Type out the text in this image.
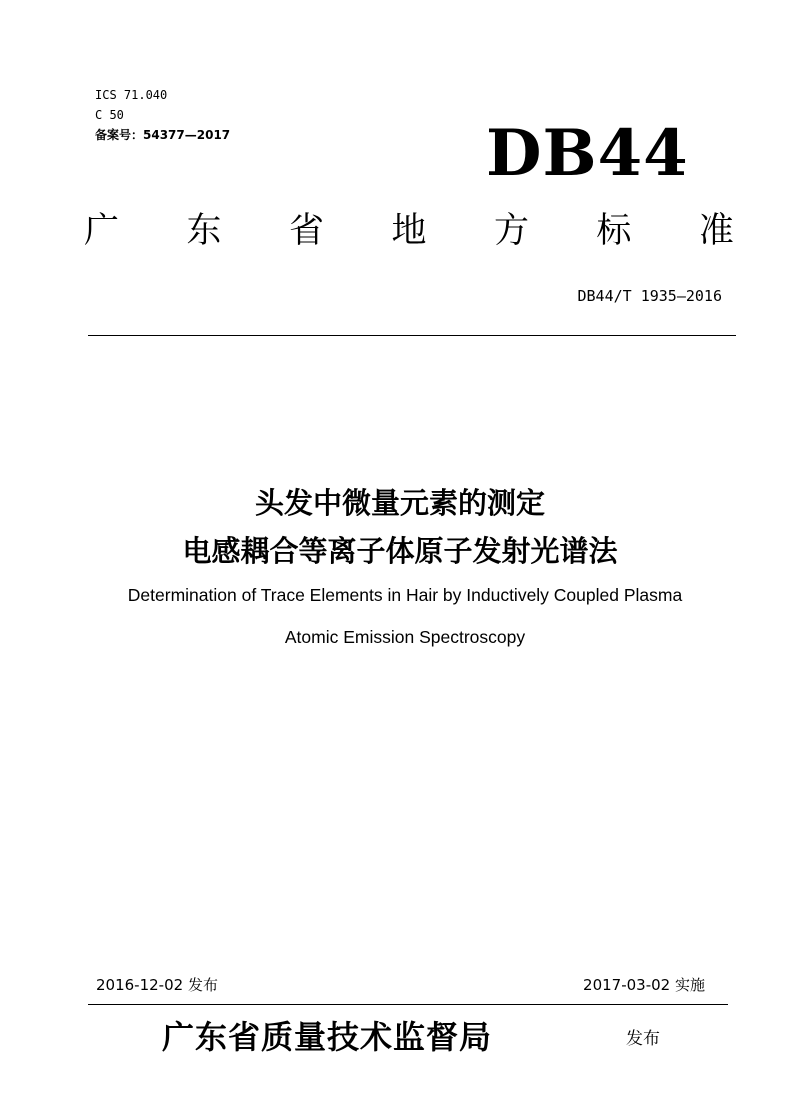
ICS 71.040
C 50
备案号：54377—2017	DB44
广 东 省 地 方 标 准
DB44/T 1935—2016
头发中微量元素的测定
电感耦合等离子体原子发射光谱法
Determination of Trace Elements in Hair by Inductively Coupled Plasma
Atomic Emission Spectroscopy
2016-12-02 发布	2017-03-02 实施
广东省质量技术监督局	发布
